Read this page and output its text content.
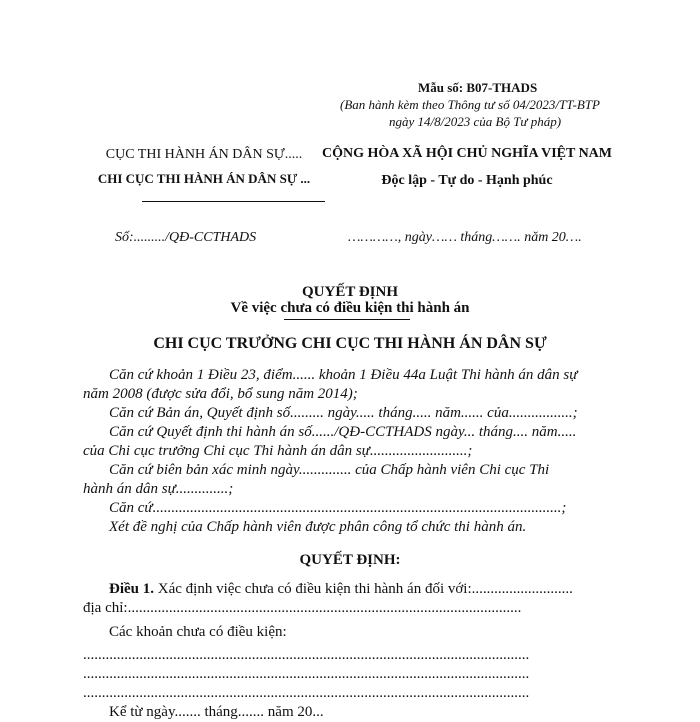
Mẫu số: B07-THADS
(Ban hành kèm theo Thông tư số 04/2023/TT-BTP
ngày 14/8/2023 của Bộ Tư pháp)
CỤC THI HÀNH ÁN DÂN SỰ.....
CHI CỤC THI HÀNH ÁN DÂN SỰ ...
CỘNG HÒA XÃ HỘI CHỦ NGHĨA VIỆT NAM
Độc lập - Tự do - Hạnh phúc
Số:........./QĐ-CCTHADS	…………, ngày…… tháng……. năm 20….
QUYẾT ĐỊNH
Về việc chưa có điều kiện thi hành án
CHI CỤC TRƯỞNG CHI CỤC THI HÀNH ÁN DÂN SỰ
Căn cứ khoản 1 Điều 23, điểm...... khoản 1 Điều 44a Luật Thi hành án dân sự
năm 2008 (được sửa đổi, bổ sung năm 2014);
Căn cứ Bản án, Quyết định số......... ngày..... tháng..... năm...... của.................;
Căn cứ Quyết định thi hành án số....../QĐ-CCTHADS ngày... tháng.... năm.....
của Chi cục trưởng Chi cục Thi hành án dân sự..........................;
Căn cứ biên bản xác minh ngày.............. của Chấp hành viên Chi cục Thi
hành án dân sự..............;
Căn cứ.............................................................................................................;
Xét đề nghị của Chấp hành viên được phân công tổ chức thi hành án.
QUYẾT ĐỊNH:
Điều 1. Xác định việc chưa có điều kiện thi hành án đối với:...........................
địa chỉ:.........................................................................................................
Các khoản chưa có điều kiện:
.......................................................................................................................
.......................................................................................................................
.......................................................................................................................
Kể từ ngày....... tháng....... năm 20...
